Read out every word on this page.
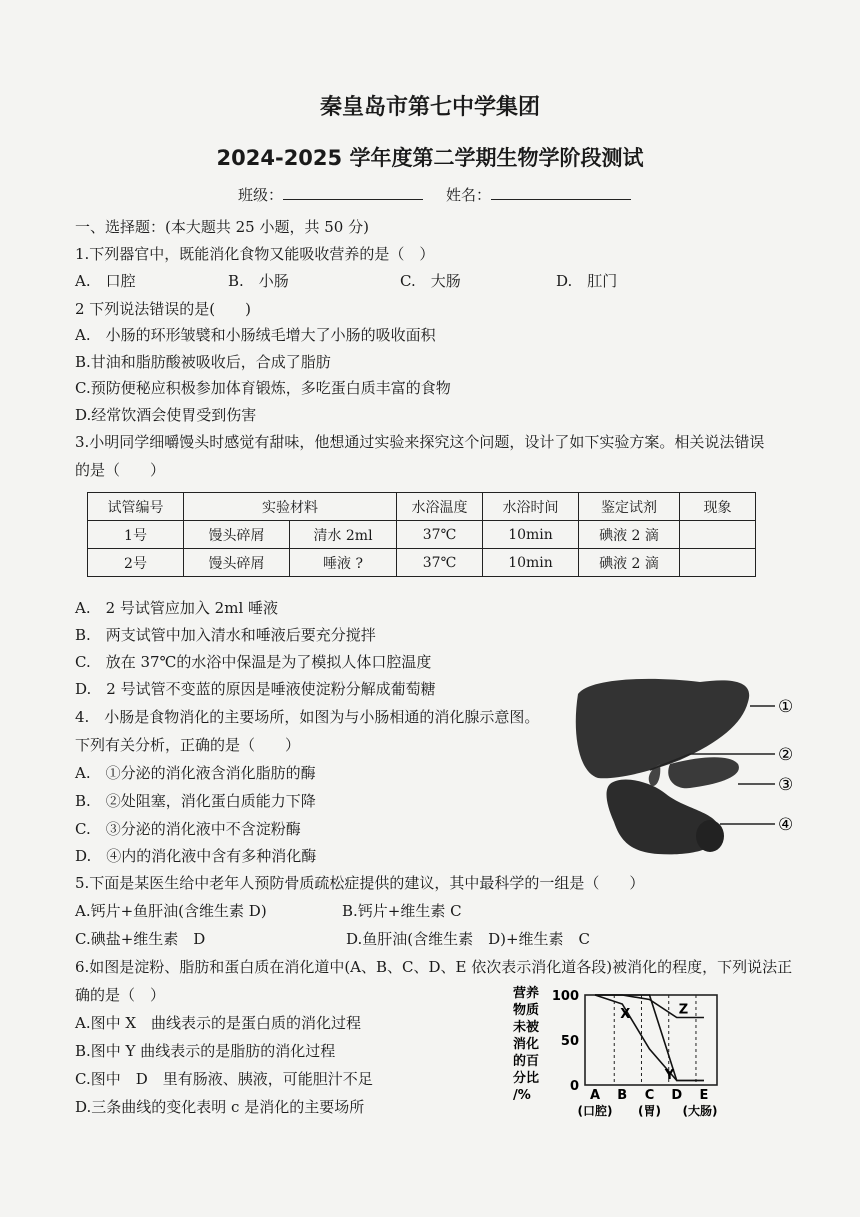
秦皇岛市第七中学集团
2024-2025 学年度第二学期生物学阶段测试
班级：	姓名：
一、选择题：(本大题共 25 小题，共 50 分)
1.下列器官中，既能消化食物又能吸收营养的是（　）
A.　口腔	B.　小肠	C.　大肠	D.　肛门
2 下列说法错误的是(　　)
A.　小肠的环形皱襞和小肠绒毛增大了小肠的吸收面积
B.甘油和脂肪酸被吸收后，合成了脂肪
C.预防便秘应积极参加体育锻炼，多吃蛋白质丰富的食物
D.经常饮酒会使胃受到伤害
3.小明同学细嚼馒头时感觉有甜味，他想通过实验来探究这个问题，设计了如下实验方案。相关说法错误
的是（　　）
试管编号	实验材料		水浴温度	水浴时间	鉴定试剂	现象
1号	馒头碎屑	清水 2ml	37℃	10min	碘液 2 滴	
2号	馒头碎屑	唾液 ?	37℃	10min	碘液 2 滴	
A.　2 号试管应加入 2ml 唾液
B.　两支试管中加入清水和唾液后要充分搅拌
C.　放在 37℃的水浴中保温是为了模拟人体口腔温度
D.　2 号试管不变蓝的原因是唾液使淀粉分解成葡萄糖
4.　小肠是食物消化的主要场所，如图为与小肠相通的消化腺示意图。
下列有关分析，正确的是（　　）
A.　①分泌的消化液含消化脂肪的酶
B.　②处阻塞，消化蛋白质能力下降
C.　③分泌的消化液中不含淀粉酶
D.　④内的消化液中含有多种消化酶
①
②
③
④
5.下面是某医生给中老年人预防骨质疏松症提供的建议，其中最科学的一组是（　　）
A.钙片+鱼肝油(含维生素 D)	B.钙片+维生素 C
C.碘盐+维生素　D	D.鱼肝油(含维生素　D)+维生素　C
6.如图是淀粉、脂肪和蛋白质在消化道中(A、B、C、D、E 依次表示消化道各段)被消化的程度，下列说法正
确的是（　）
A.图中 X　曲线表示的是蛋白质的消化过程
B.图中 Y 曲线表示的是脂肪的消化过程
C.图中　D　里有肠液、胰液，可能胆汁不足
D.三条曲线的变化表明 c 是消化的主要场所
营养
物质
未被
消化
的百
分比
/%
100
50
0
A B C D E
(口腔) (胃) (大肠)
X
Y
Z
